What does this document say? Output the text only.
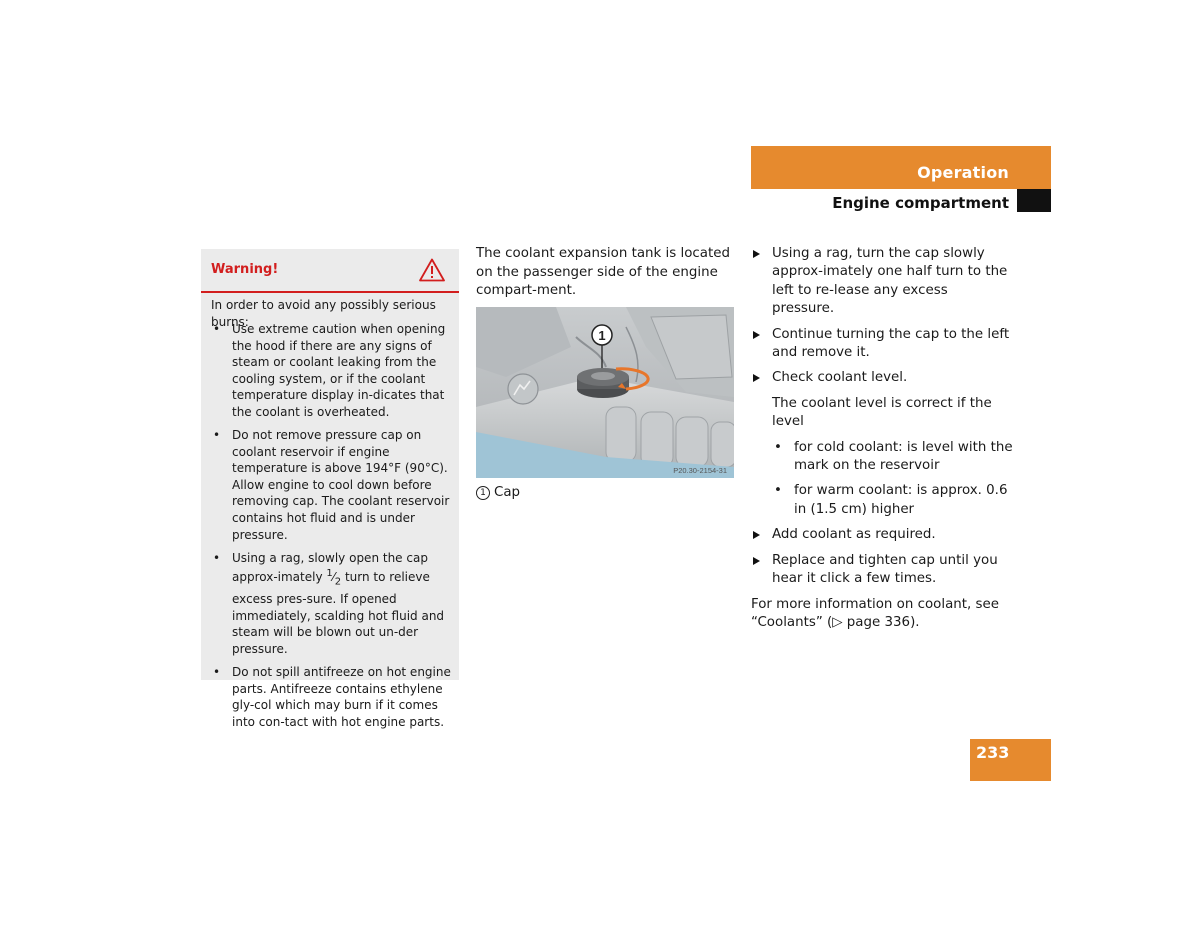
Operation
Engine compartment
Warning!
In order to avoid any possibly serious burns:
• Use extreme caution when opening the hood if there are any signs of steam or coolant leaking from the cooling system, or if the coolant temperature display in-dicates that the coolant is overheated.
• Do not remove pressure cap on coolant reservoir if engine temperature is above 194°F (90°C). Allow engine to cool down before removing cap. The coolant reservoir contains hot fluid and is under pressure.
• Using a rag, slowly open the cap approx-imately $^1⁄_2$ turn to relieve excess pres-sure. If opened immediately, scalding hot fluid and steam will be blown out un-der pressure.
• Do not spill antifreeze on hot engine parts. Antifreeze contains ethylene gly-col which may burn if it comes into con-tact with hot engine parts.
The coolant expansion tank is located on the passenger side of the engine compart-ment.
1
P20.30-2154-31
1 Cap
Using a rag, turn the cap slowly approx-imately one half turn to the left to re-lease any excess pressure.
Continue turning the cap to the left and remove it.
Check coolant level.
The coolant level is correct if the level
• for cold coolant: is level with the mark on the reservoir
• for warm coolant: is approx. 0.6 in (1.5 cm) higher
Add coolant as required.
Replace and tighten cap until you hear it click a few times.
For more information on coolant, see “Coolants” (▷ page 336).
233
